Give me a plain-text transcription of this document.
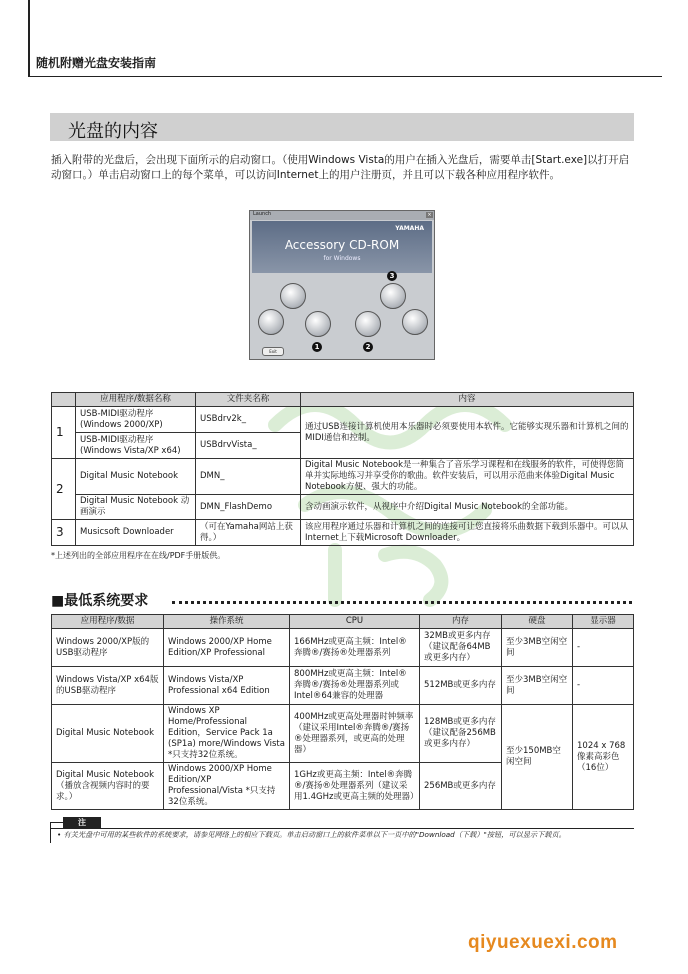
随机附赠光盘安装指南
光盘的内容
插入附带的光盘后，会出现下面所示的启动窗口。（使用Windows Vista的用户在插入光盘后，需要单击[Start.exe]以打开启动窗口。）单击启动窗口上的每个菜单，可以访问Internet上的用户注册页，并且可以下载各种应用程序软件。
Launch	×
YAMAHA
Accessory CD-ROM
for Windows
Exit
3
1	2
	应用程序/数据名称	文件夹名称	内容
1	USB-MIDI驱动程序 (Windows 2000/XP)	USBdrv2k_	通过USB连接计算机使用本乐器时必须要使用本软件。它能够实现乐器和计算机之间的MIDI通信和控制。
	USB-MIDI驱动程序 (Windows Vista/XP x64)	USBdrvVista_	
2	Digital Music Notebook	DMN_	Digital Music Notebook是一种集合了音乐学习课程和在线服务的软件，可使得您简单并实际地练习并享受你的歌曲。软件安装后，可以用示范曲来体验Digital Music Notebook方便、强大的功能。
	Digital Music Notebook 动画演示	DMN_FlashDemo	含动画演示软件，从视序中介绍Digital Music Notebook的全部功能。
3	Musicsoft Downloader	（可在Yamaha网站上获得。）	该应用程序通过乐器和计算机之间的连接可让您直接将乐曲数据下载到乐器中。可以从Internet上下载Microsoft Downloader。
*上述列出的全部应用程序在在线/PDF手册版供。
■最低系统要求
应用程序/数据	操作系统	CPU	内存	硬盘	显示器
Windows 2000/XP版的USB驱动程序	Windows 2000/XP Home Edition/XP Professional	166MHz或更高主频：Intel®奔腾®/赛扬®处理器系列	32MB或更多内存（建议配备64MB或更多内存）	至少3MB空闲空间	-
Windows Vista/XP x64版的USB驱动程序	Windows Vista/XP Professional x64 Edition	800MHz或更高主频：Intel®奔腾®/赛扬®处理器系列或Intel®64兼容的处理器	512MB或更多内存	至少3MB空闲空间	-
Digital Music Notebook	Windows XP Home/Professional Edition，Service Pack 1a (SP1a) more/Windows Vista *只支持32位系统。	400MHz或更高处理器时钟频率（建议采用Intel®奔腾®/赛扬®处理器系列，或更高的处理器）	128MB或更多内存（建议配备256MB或更多内存）	至少150MB空闲空间	1024 x 768 像素高彩色（16位）
Digital Music Notebook（播放含视频内容时的要求。）	Windows 2000/XP Home Edition/XP Professional/Vista *只支持32位系统。	1GHz或更高主频：Intel®奔腾®/赛扬®处理器系列（建议采用1.4GHz或更高主频的处理器）	256MB或更多内存		
注
• 有关光盘中可用的某些软件的系统要求，请参见网络上的相应下载页。单击启动窗口上的软件菜单以下一页中的"Download（下载）"按钮，可以显示下载页。
qiyuexuexi.com
